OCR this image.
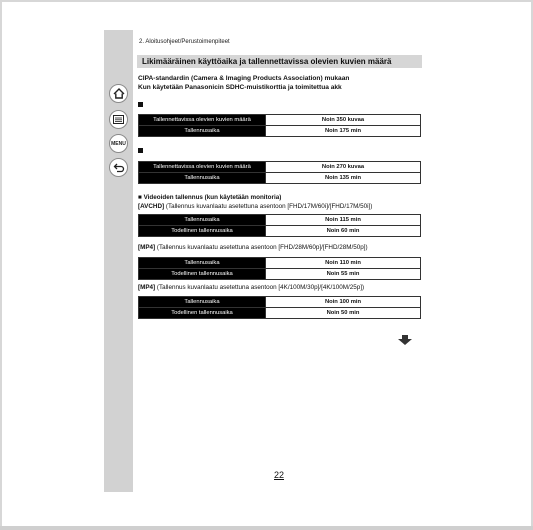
MENU
2. Aloitusohjeet/Perustoimenpiteet
Likimääräinen käyttöaika ja tallennettavissa olevien kuvien määrä
CIPA-standardin (Camera & Imaging Products Association) mukaan
Kun käytetään Panasonicin SDHC-muistikorttia ja toimitettua akk
Tallennettavissa olevien kuvien määrä	Noin 350 kuvaa
Tallennusaika	Noin 175 min
Tallennettavissa olevien kuvien määrä	Noin 270 kuvaa
Tallennusaika	Noin 135 min
■ Videoiden tallennus (kun käytetään monitoria)
[AVCHD] (Tallennus kuvanlaatu asetettuna asentoon [FHD/17M/60i]/[FHD/17M/50i])
Tallennusaika	Noin 115 min
Todellinen tallennusaika	Noin 60 min
[MP4] (Tallennus kuvanlaatu asetettuna asentoon [FHD/28M/60p]/[FHD/28M/50p])
Tallennusaika	Noin 110 min
Todellinen tallennusaika	Noin 55 min
[MP4] (Tallennus kuvanlaatu asetettuna asentoon [4K/100M/30p]/[4K/100M/25p])
Tallennusaika	Noin 100 min
Todellinen tallennusaika	Noin 50 min
22
